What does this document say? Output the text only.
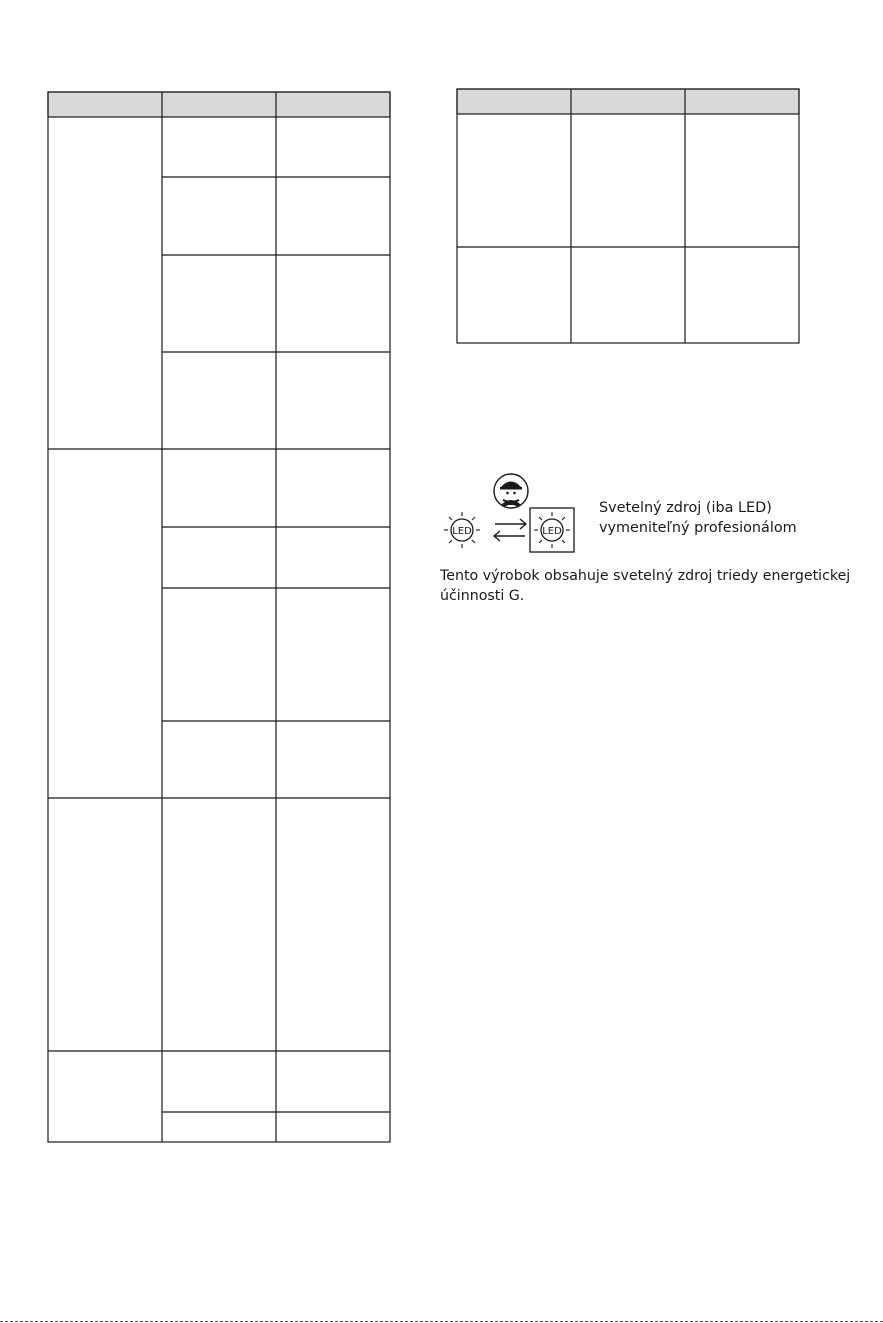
LED	LED
Svetelný zdroj (iba LED)
vymeniteľný profesionálom
Tento výrobok obsahuje svetelný zdroj triedy energetickej
účinnosti G.
